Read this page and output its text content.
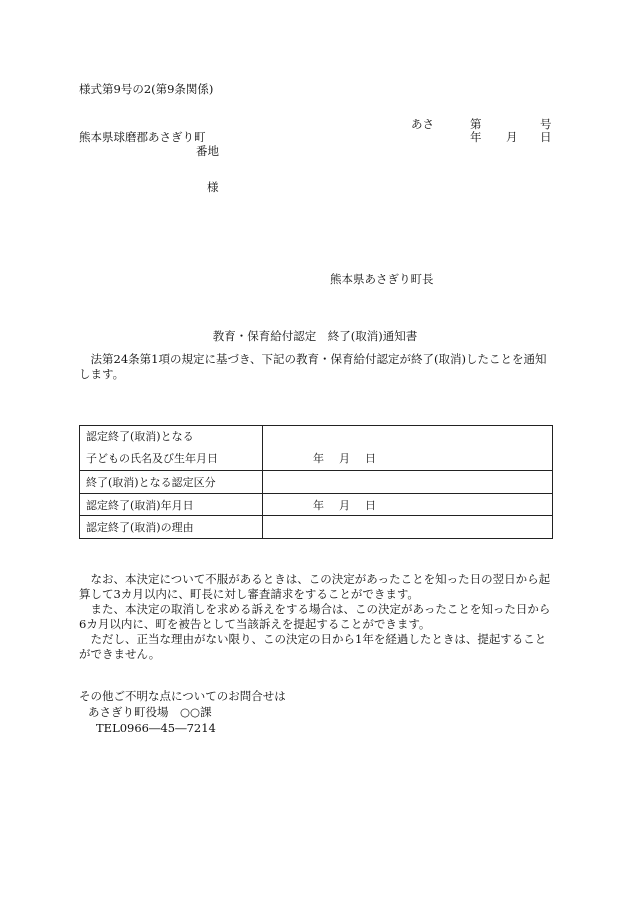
様式第9号の2(第9条関係)
あさ	第	号
熊本県球磨郡あさぎり町	年 月 日
番地
様
熊本県あさぎり町長
教育・保育給付認定　終了(取消)通知書
法第24条第1項の規定に基づき、下記の教育・保育給付認定が終了(取消)したことを通知します。
認定終了(取消)となる
子どもの氏名及び生年月日	年 月 日
終了(取消)となる認定区分	
認定終了(取消)年月日	年 月 日
認定終了(取消)の理由	
なお、本決定について不服があるときは、この決定があったことを知った日の翌日から起算して3カ月以内に、町長に対し審査請求をすることができます。
また、本決定の取消しを求める訴えをする場合は、この決定があったことを知った日から6カ月以内に、町を被告として当該訴えを提起することができます。
ただし、正当な理由がない限り、この決定の日から1年を経過したときは、提起することができません。
その他ご不明な点についてのお問合せは
あさぎり町役場　○○課
TEL0966―45―7214
